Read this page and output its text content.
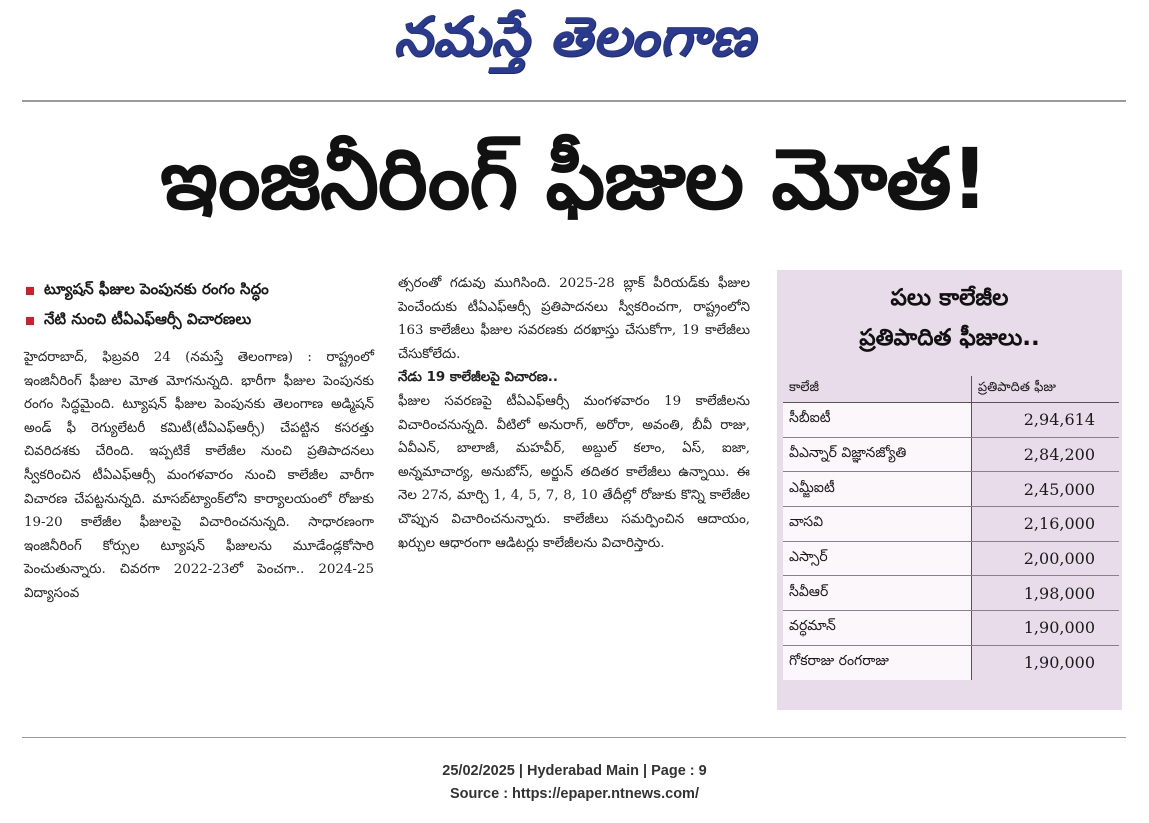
నమస్తే తెలంగాణ
ఇంజినీరింగ్ ఫీజుల మోత!
ట్యూషన్ ఫీజుల పెంపునకు రంగం సిద్ధం
నేటి నుంచి టీఏఎఫ్‌ఆర్సీ విచారణలు

హైదరాబాద్, ఫిబ్రవరి 24 (నమస్తే తెలంగాణ) : రాష్ట్రంలో ఇంజినీరింగ్ ఫీజుల మోత మోగనున్నది. భారీగా ఫీజుల పెంపునకు రంగం సిద్ధమైంది. ట్యూషన్ ఫీజుల పెంపునకు తెలంగాణ అడ్మిషన్ అండ్ ఫీ రెగ్యులేటరీ కమిటీ(టీఏఎఫ్‌ఆర్సీ) చేపట్టిన కసరత్తు చివరిదశకు చేరింది. ఇప్పటికే కాలేజీల నుంచి ప్రతిపాదనలు స్వీకరించిన టీఏఎఫ్‌ఆర్సీ మంగళవారం నుంచి కాలేజీల వారీగా విచారణ చేపట్టనున్నది. మాసబ్‌ట్యాంక్‌లోని కార్యాలయంలో రోజుకు 19-20 కాలేజీల ఫీజులపై విచారించనున్నది. సాధారణంగా ఇంజినీరింగ్ కోర్సుల ట్యూషన్ ఫీజులను మూడేండ్లకోసారి పెంచుతున్నారు. చివరగా 2022-23లో పెంచగా.. 2024-25 విద్యాసంవ

త్సరంతో గడువు ముగిసింది. 2025-28 బ్లాక్ పీరియడ్‌కు ఫీజుల పెంచేందుకు టీఏఎఫ్‌ఆర్సీ ప్రతిపాదనలు స్వీకరించగా, రాష్ట్రంలోని 163 కాలేజీలు ఫీజుల సవరణకు దరఖాస్తు చేసుకోగా, 19 కాలేజీలు చేసుకోలేదు.

నేడు 19 కాలేజీలపై విచారణ..

ఫీజుల సవరణపై టీఏఎఫ్‌ఆర్సీ మంగళవారం 19 కాలేజీలను విచారించనున్నది. వీటిలో అనురాగ్, అరోరా, అవంతి, బీవీ రాజు, ఏవీఎన్, బాలాజీ, మహవీర్, అబ్దుల్ కలాం, ఏస్, ఐజా, అన్నమాచార్య, అనుబోస్, అర్జున్ తదితర కాలేజీలు ఉన్నాయి. ఈ నెల 27న, మార్చి 1, 4, 5, 7, 8, 10 తేదీల్లో రోజుకు కొన్ని కాలేజీల చొప్పున విచారించనున్నారు. కాలేజీలు సమర్పించిన ఆదాయం, ఖర్చుల ఆధారంగా ఆడిటర్లు కాలేజీలను విచారిస్తారు.

పలు కాలేజీల
ప్రతిపాదిత ఫీజులు..
కాలేజీ	ప్రతిపాదిత ఫీజు
సీబీఐటీ	2,94,614
వీఎన్నార్ విజ్ఞానజ్యోతి	2,84,200
ఎమ్జీఐటీ	2,45,000
వాసవి	2,16,000
ఎస్సార్	2,00,000
సీవీఆర్	1,98,000
వర్ధమాన్	1,90,000
గోకరాజు రంగరాజు	1,90,000
25/02/2025 | Hyderabad Main | Page : 9
Source : https://epaper.ntnews.com/
